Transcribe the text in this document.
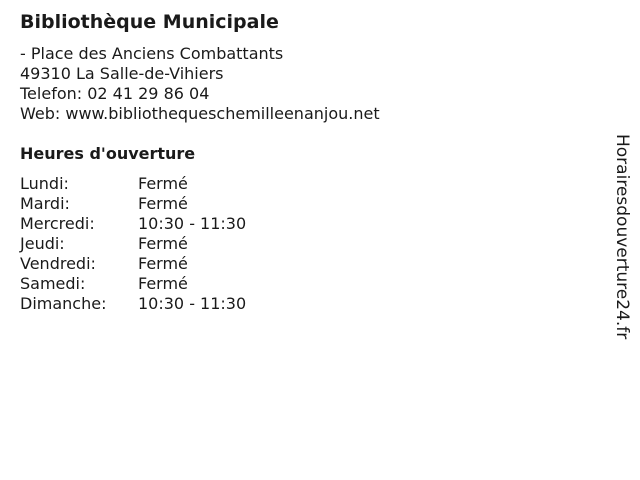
Bibliothèque Municipale
- Place des Anciens Combattants
49310 La Salle-de-Vihiers
Telefon: 02 41 29 86 04
Web: www.bibliothequeschemilleenanjou.net
Heures d'ouverture
Lundi:	Fermé
Mardi:	Fermé
Mercredi:	10:30 - 11:30
Jeudi:	Fermé
Vendredi:	Fermé
Samedi:	Fermé
Dimanche:	10:30 - 11:30	Horairesdouverture24.fr
